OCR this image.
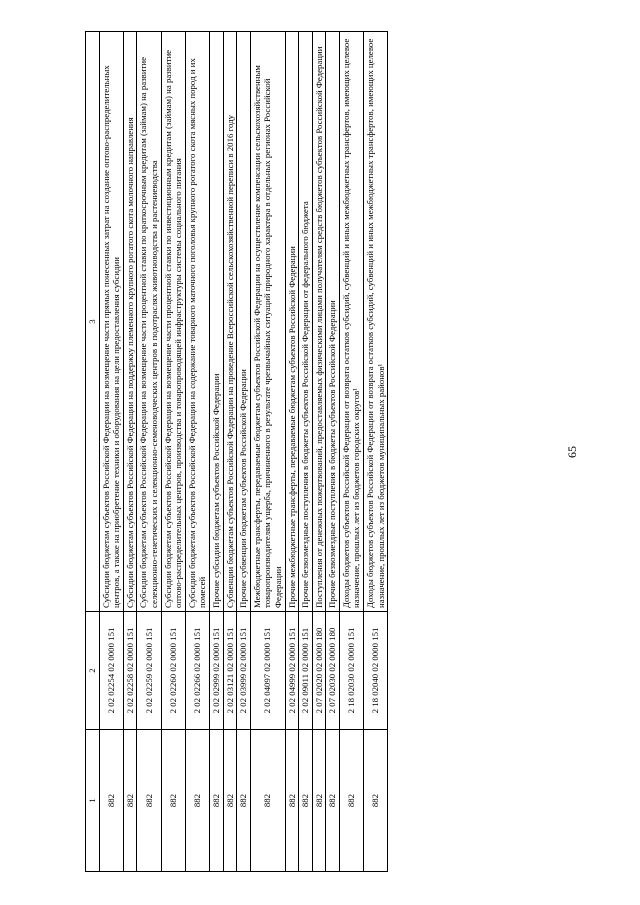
65
1	2	3
882	2 02 02254 02 0000 151	Субсидии бюджетам субъектов Российской Федерации на возмещение части прямых понесенных затрат на создание оптово-распределительных центров, а также на приобретение техники и оборудования на цели предоставления субсидии
882	2 02 02258 02 0000 151	Субсидии бюджетам субъектов Российской Федерации на поддержку племенного крупного рогатого скота молочного направления
882	2 02 02259 02 0000 151	Субсидии бюджетам субъектов Российской Федерации на возмещение части процентной ставки по краткосрочным кредитам (займам) на развитие селекционно-генетических и селекционно-семеноводческих центров в подотраслях животноводства и растениеводства
882	2 02 02260 02 0000 151	Субсидии бюджетам субъектов Российской Федерации на возмещение части процентной ставки по инвестиционным кредитам (займам) на развитие оптово-распределительных центров, производства и товаропроводящей инфраструктуры системы социального питания
882	2 02 02266 02 0000 151	Субсидии бюджетам субъектов Российской Федерации на содержание товарного маточного поголовья крупного рогатого скота мясных пород и их помесей
882	2 02 02999 02 0000 151	Прочие субсидии бюджетам субъектов Российской Федерации
882	2 02 03121 02 0000 151	Субвенции бюджетам субъектов Российской Федерации на проведение Всероссийской сельскохозяйственной переписи в 2016 году
882	2 02 03999 02 0000 151	Прочие субвенции бюджетам субъектов Российской Федерации
882	2 02 04097 02 0000 151	Межбюджетные трансферты, передаваемые бюджетам субъектов Российской Федерации на осуществление компенсации сельскохозяйственным товаропроизводителям ущерба, причиненного в результате чрезвычайных ситуаций природного характера в отдельных регионах Российской Федерации
882	2 02 04999 02 0000 151	Прочие межбюджетные трансферты, передаваемые бюджетам субъектов Российской Федерации
882	2 02 09011 02 0000 151	Прочие безвозмездные поступления в бюджеты субъектов Российской Федерации от федерального бюджета
882	2 07 02020 02 0000 180	Поступления от денежных пожертвований, предоставляемых физическими лицами получателям средств бюджетов субъектов Российской Федерации
882	2 07 02030 02 0000 180	Прочие безвозмездные поступления в бюджеты субъектов Российской Федерации
882	2 18 02030 02 0000 151	Доходы бюджетов субъектов Российской Федерации от возврата остатков субсидий, субвенций и иных межбюджетных трансфертов, имеющих целевое назначение, прошлых лет из бюджетов городских округов¹
882	2 18 02040 02 0000 151	Доходы бюджетов субъектов Российской Федерации от возврата остатков субсидий, субвенций и иных межбюджетных трансфертов, имеющих целевое назначение, прошлых лет из бюджетов муниципальных районов¹
